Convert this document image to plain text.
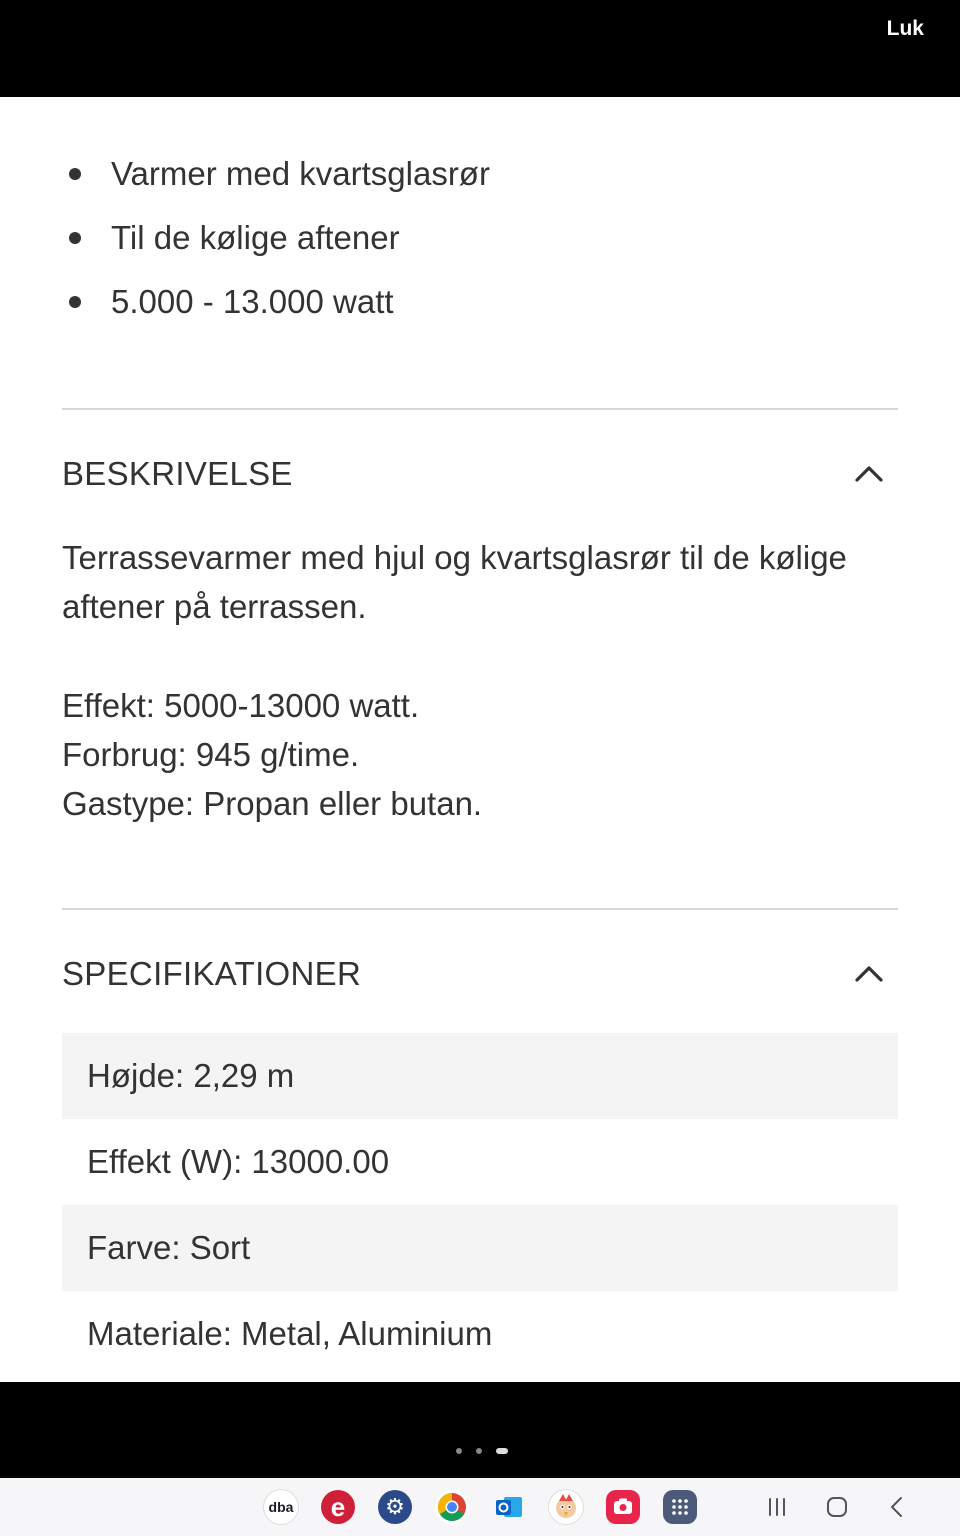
Luk
Varmer med kvartsglasrør
Til de kølige aftener
5.000 - 13.000 watt
BESKRIVELSE
Terrassevarmer med hjul og kvartsglasrør til de kølige aftener på terrassen.
Effekt: 5000-13000 watt.
Forbrug: 945 g/time.
Gastype: Propan eller butan.
SPECIFIKATIONER
Højde: 2,29 m
Effekt (W): 13000.00
Farve: Sort
Materiale: Metal, Aluminium
dba e ⚙
